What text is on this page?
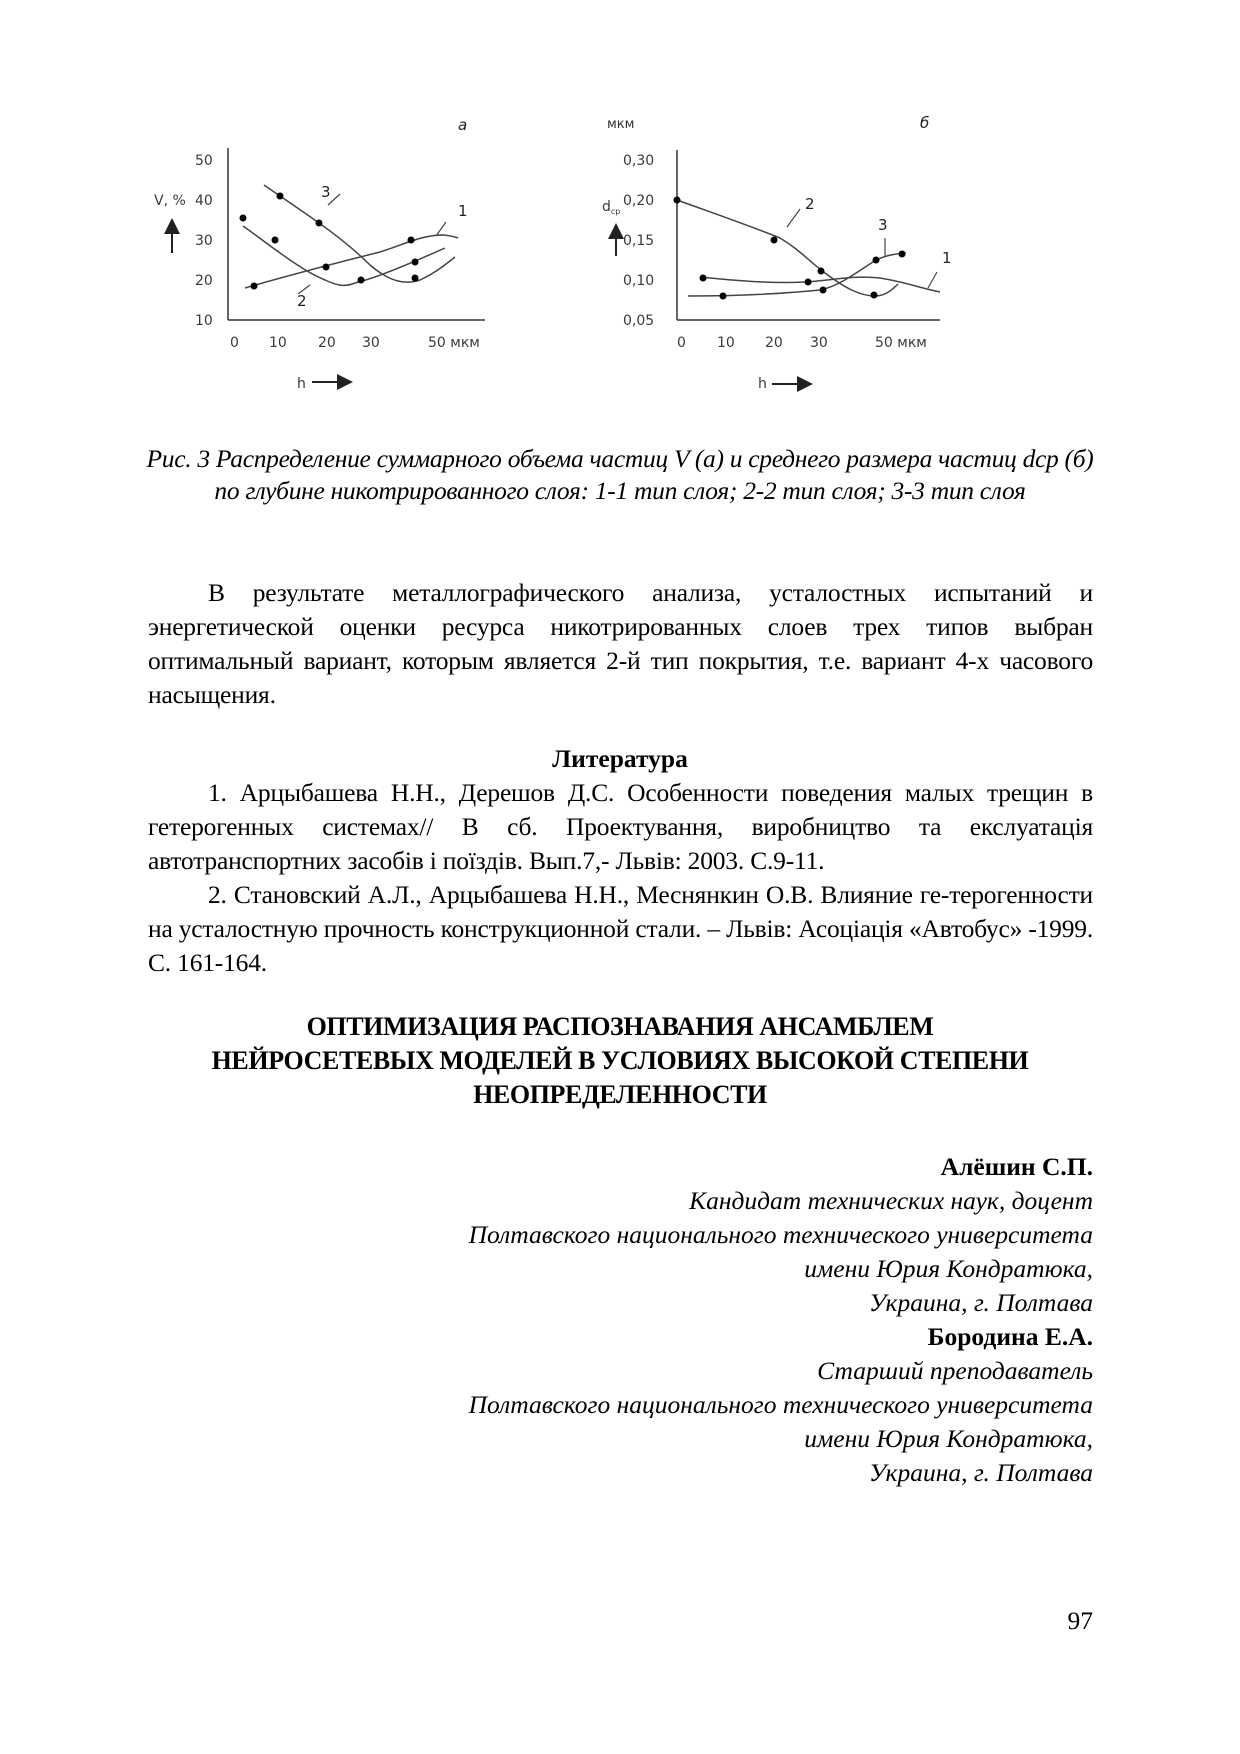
а
50
40
30
20
10
V, %
0 10 20 30	50 мкм
h
3
1
2
мкм	б
0,30
0,20
0,15
0,10
0,05
$d_{ср}$
0 10 20 30	50 мкм
h
2
3
1
Рис. 3 Распределение суммарного объема частиц V (а) и среднего размера частиц dcp (б) по глубине никотрированного слоя: 1-1 тип слоя; 2-2 тип слоя; 3-3 тип слоя
В результате металлографического анализа, усталостных испытаний и энергетической оценки ресурса никотрированных слоев трех типов выбран оптимальный вариант, которым является 2-й тип покрытия, т.е. вариант 4-х часового насыщения.
Литература

1. Арцыбашева Н.Н., Дерешов Д.С. Особенности поведения малых трещин в гетерогенных системах// В сб. Проектування, виробництво та екслуатація автотранспортних засобів і поїздів. Вып.7,- Львів: 2003. С.9-11.

2. Становский А.Л., Арцыбашева Н.Н., Меснянкин О.В. Влияние ге-терогенности на усталостную прочность конструкционной стали. – Львів: Асоціація «Автобус» -1999. С. 161-164.

ОПТИМИЗАЦИЯ РАСПОЗНАВАНИЯ АНСАМБЛЕМ
НЕЙРОСЕТЕВЫХ МОДЕЛЕЙ В УСЛОВИЯХ ВЫСОКОЙ СТЕПЕНИ
НЕОПРЕДЕЛЕННОСТИ
Алёшин С.П.
Кандидат технических наук, доцент
Полтавского национального технического университета
имени Юрия Кондратюка,
Украина, г. Полтава
Бородина Е.А.
Старший преподаватель
Полтавского национального технического университета
имени Юрия Кондратюка,
Украина, г. Полтава
97
